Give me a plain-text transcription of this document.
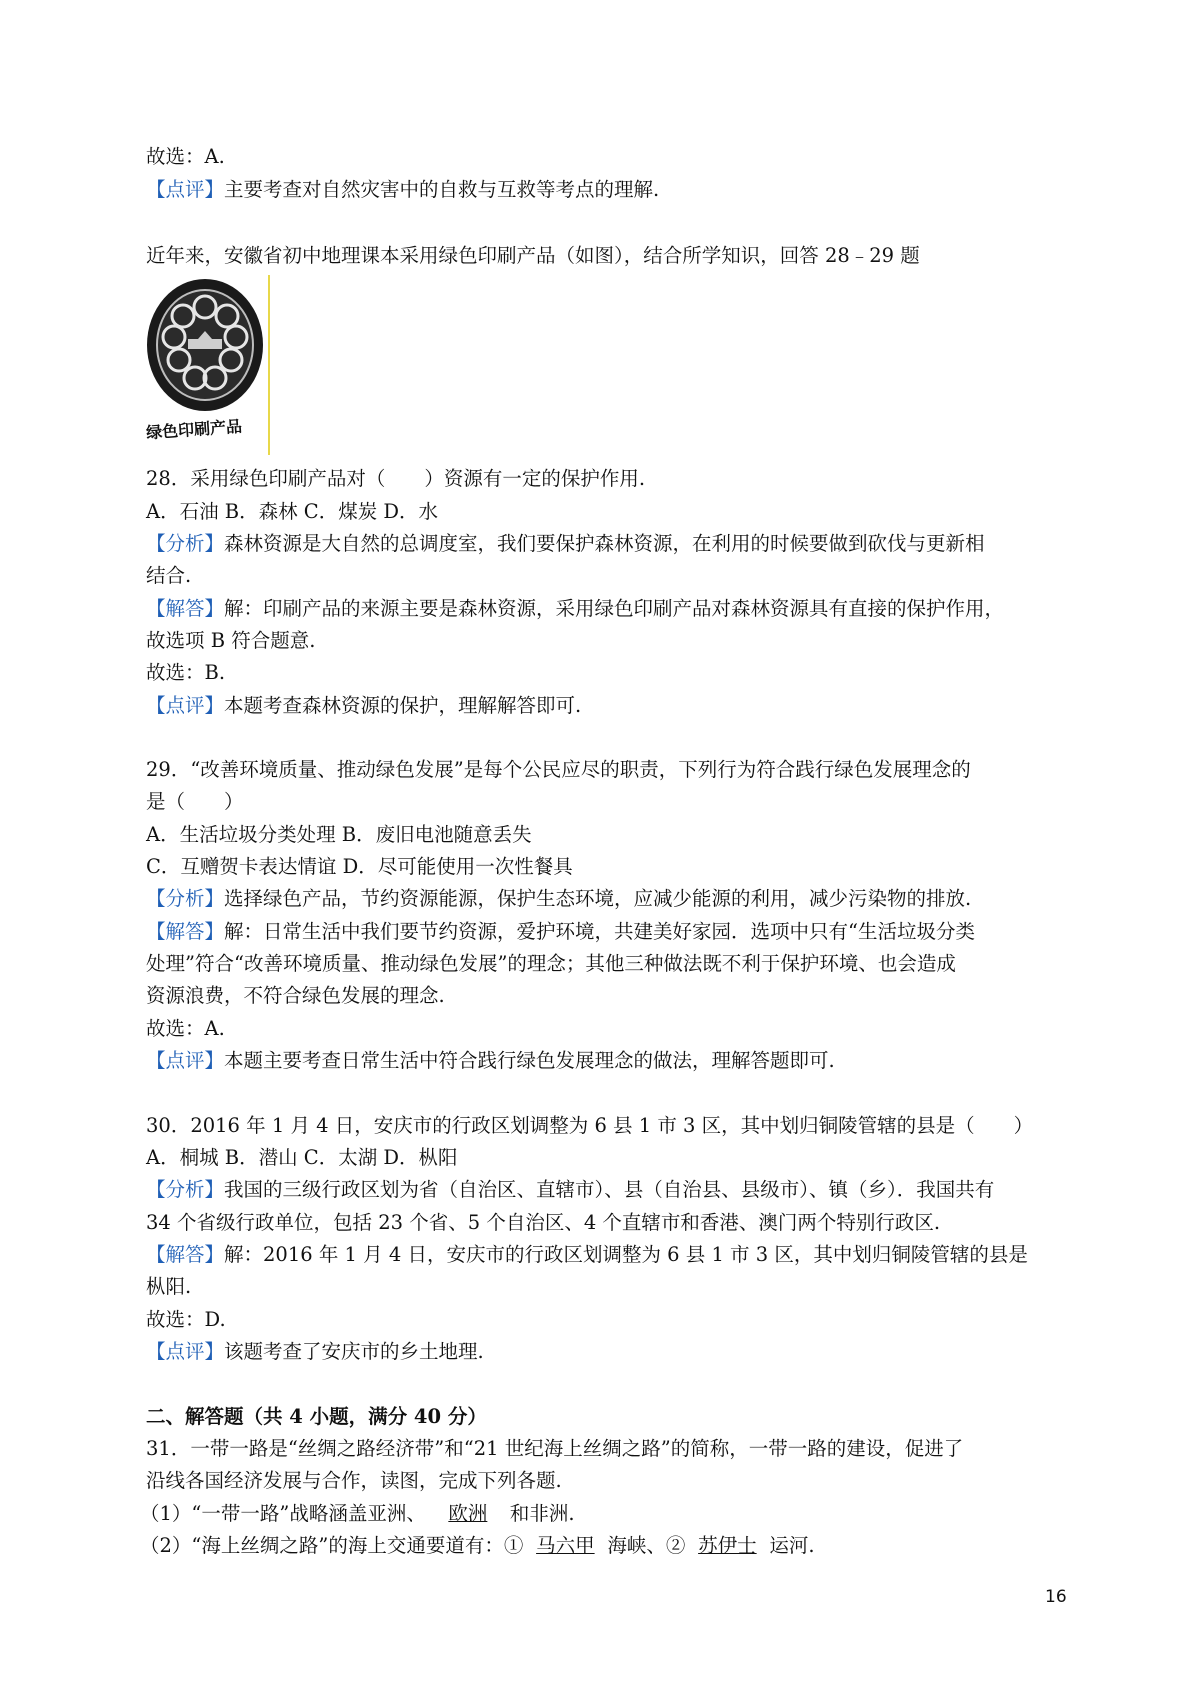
故选：A.
【点评】主要考查对自然灾害中的自救与互救等考点的理解.
近年来，安徽省初中地理课本采用绿色印刷产品（如图），结合所学知识，回答 28﹣29 题
绿色印刷产品
28．采用绿色印刷产品对（　　）资源有一定的保护作用.
A．石油 B．森林 C．煤炭 D．水
【分析】森林资源是大自然的总调度室，我们要保护森林资源，在利用的时候要做到砍伐与更新相
结合.
【解答】解：印刷产品的来源主要是森林资源，采用绿色印刷产品对森林资源具有直接的保护作用，
故选项 B 符合题意.
故选：B.
【点评】本题考查森林资源的保护，理解解答即可.
29．“改善环境质量、推动绿色发展”是每个公民应尽的职责，下列行为符合践行绿色发展理念的
是（　　）
A．生活垃圾分类处理 B．废旧电池随意丢失
C．互赠贺卡表达情谊 D．尽可能使用一次性餐具
【分析】选择绿色产品，节约资源能源，保护生态环境，应减少能源的利用，减少污染物的排放.
【解答】解：日常生活中我们要节约资源，爱护环境，共建美好家园．选项中只有“生活垃圾分类
处理”符合“改善环境质量、推动绿色发展”的理念；其他三种做法既不利于保护环境、也会造成
资源浪费，不符合绿色发展的理念.
故选：A.
【点评】本题主要考查日常生活中符合践行绿色发展理念的做法，理解答题即可.
30．2016 年 1 月 4 日，安庆市的行政区划调整为 6 县 1 市 3 区，其中划归铜陵管辖的县是（　　）
A．桐城 B．潜山 C．太湖 D．枞阳
【分析】我国的三级行政区划为省（自治区、直辖市）、县（自治县、县级市）、镇（乡）．我国共有
34 个省级行政单位，包括 23 个省、5 个自治区、4 个直辖市和香港、澳门两个特别行政区.
【解答】解：2016 年 1 月 4 日，安庆市的行政区划调整为 6 县 1 市 3 区，其中划归铜陵管辖的县是
枞阳.
故选：D.
【点评】该题考查了安庆市的乡土地理.
二、解答题（共 4 小题，满分 40 分）
31．一带一路是“丝绸之路经济带”和“21 世纪海上丝绸之路”的简称，一带一路的建设，促进了
沿线各国经济发展与合作，读图，完成下列各题.
（1）“一带一路”战略涵盖亚洲、 欧洲 和非洲.
（2）“海上丝绸之路”的海上交通要道有：① 马六甲 海峡、② 苏伊士 运河.
16
